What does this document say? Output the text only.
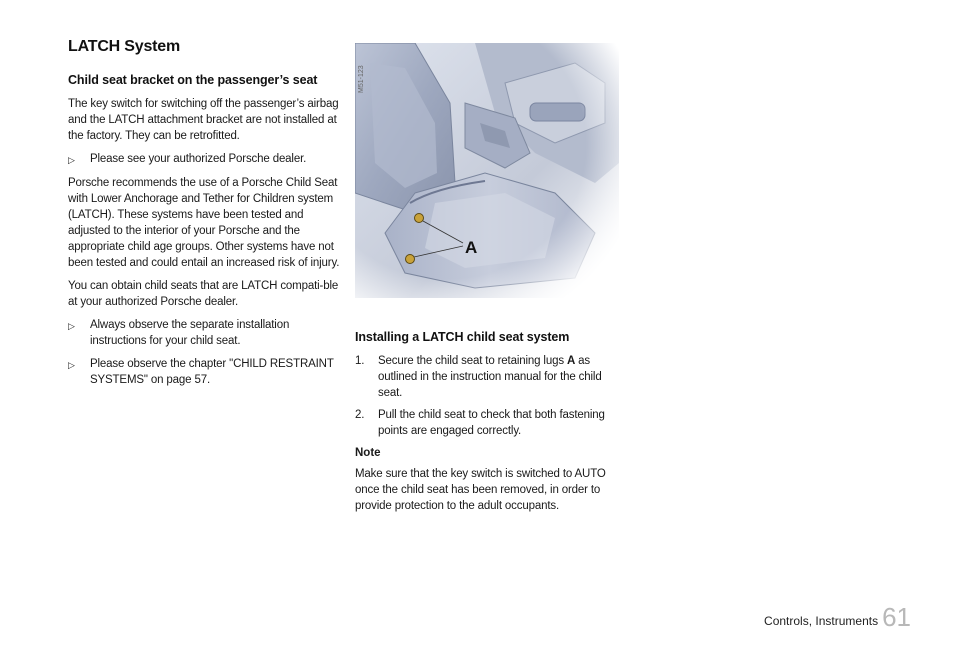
LATCH System
Child seat bracket on the passenger’s seat

The key switch for switching off the passenger’s airbag and the LATCH attachment bracket are not installed at the factory. They can be retrofitted.

▷	Please see your authorized Porsche dealer.

Porsche recommends the use of a Porsche Child Seat with Lower Anchorage and Tether for Children system (LATCH). These systems have been tested and adjusted to the interior of your Porsche and the appropriate child age groups. Other systems have not been tested and could entail an increased risk of injury.

You can obtain child seats that are LATCH compati-ble at your authorized Porsche dealer.

▷	Always observe the separate installation instructions for your child seat.
▷	Please observe the chapter "CHILD RESTRAINT SYSTEMS" on page 57.
M51-123
Installing a LATCH child seat system
1.	Secure the child seat to retaining lugs A as outlined in the instruction manual for the child seat.
2.	Pull the child seat to check that both fastening points are engaged correctly.
Note

Make sure that the key switch is switched to AUTO once the child seat has been removed, in order to provide protection to the adult occupants.

Controls, Instruments 61
